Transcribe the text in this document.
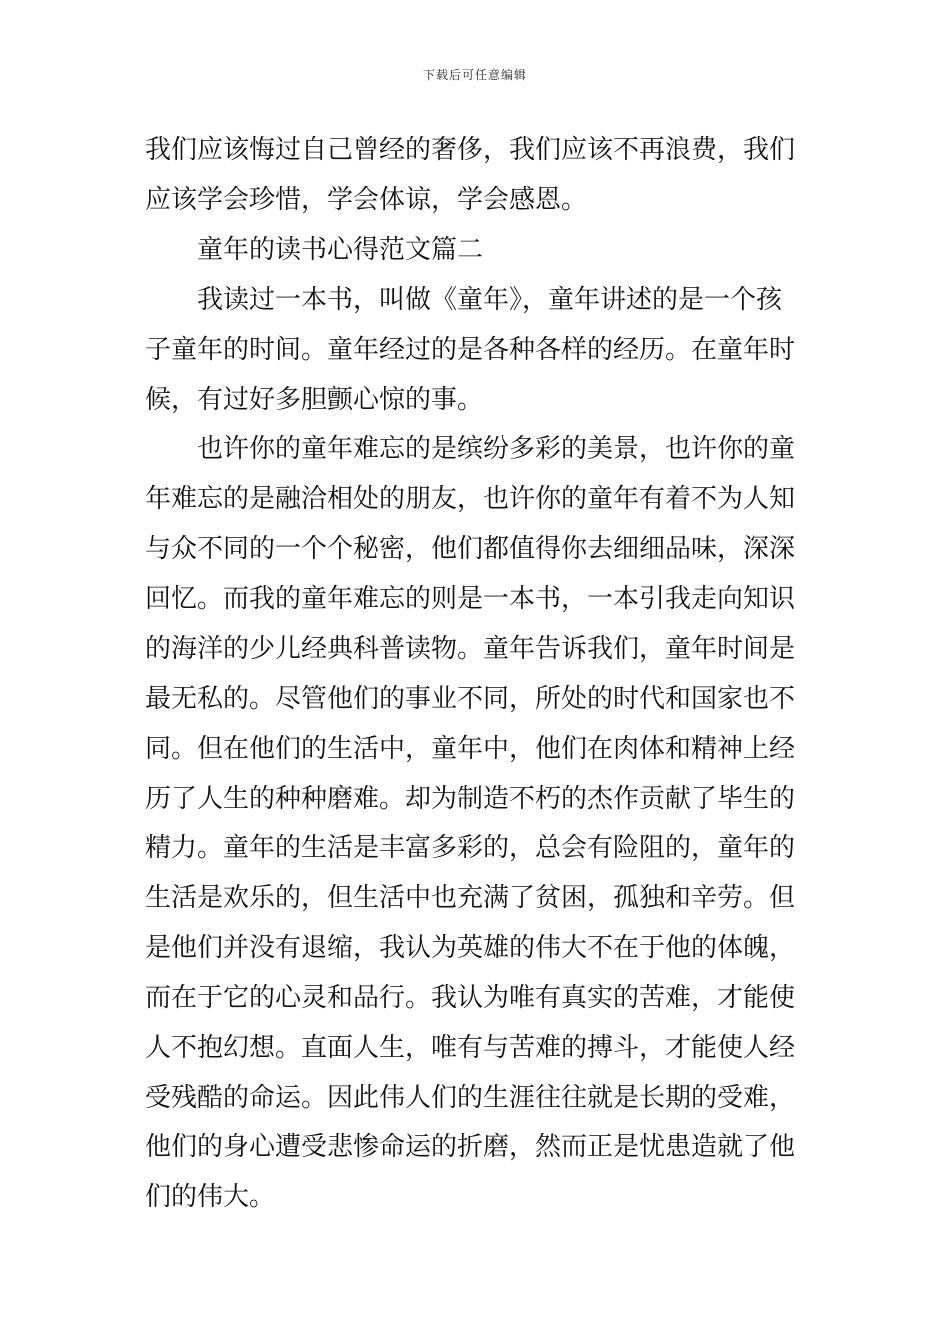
下载后可任意编辑
我们应该悔过自己曾经的奢侈，我们应该不再浪费，我们
应该学会珍惜，学会体谅，学会感恩。
童年的读书心得范文篇二
我读过一本书，叫做《童年》，童年讲述的是一个孩
子童年的时间。童年经过的是各种各样的经历。在童年时
候，有过好多胆颤心惊的事。
也许你的童年难忘的是缤纷多彩的美景，也许你的童
年难忘的是融洽相处的朋友，也许你的童年有着不为人知
与众不同的一个个秘密，他们都值得你去细细品味，深深
回忆。而我的童年难忘的则是一本书，一本引我走向知识
的海洋的少儿经典科普读物。童年告诉我们，童年时间是
最无私的。尽管他们的事业不同，所处的时代和国家也不
同。但在他们的生活中，童年中，他们在肉体和精神上经
历了人生的种种磨难。却为制造不朽的杰作贡献了毕生的
精力。童年的生活是丰富多彩的，总会有险阻的，童年的
生活是欢乐的，但生活中也充满了贫困，孤独和辛劳。但
是他们并没有退缩，我认为英雄的伟大不在于他的体魄，
而在于它的心灵和品行。我认为唯有真实的苦难，才能使
人不抱幻想。直面人生，唯有与苦难的搏斗，才能使人经
受残酷的命运。因此伟人们的生涯往往就是长期的受难，
他们的身心遭受悲惨命运的折磨，然而正是忧患造就了他
们的伟大。
